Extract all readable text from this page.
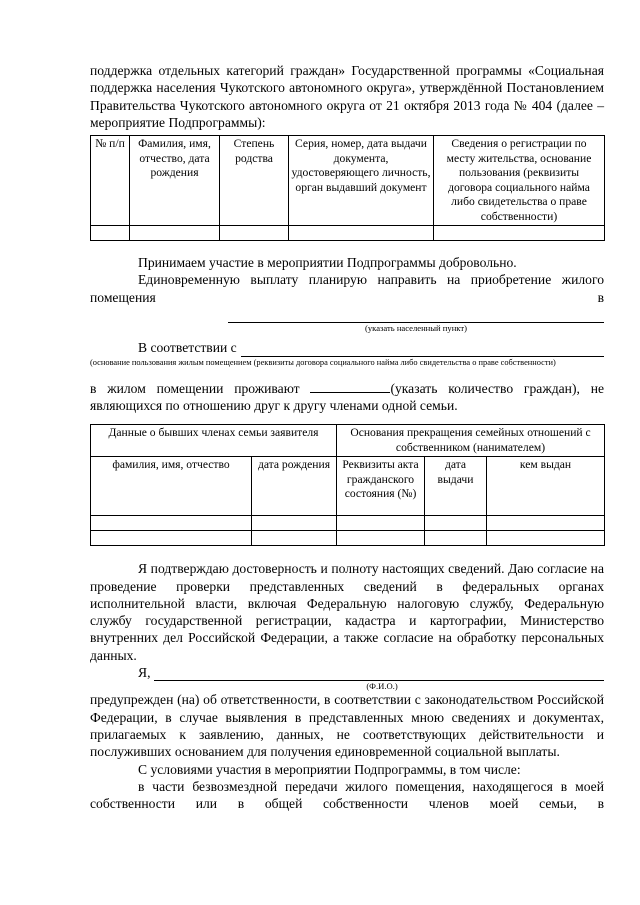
поддержка отдельных категорий граждан» Государственной программы «Социальная поддержка населения Чукотского автономного округа», утверждённой Постановлением Правительства Чукотского автономного округа от 21 октября 2013 года № 404 (далее – мероприятие Подпрограммы):

№ п/п	Фамилия, имя, отчество, дата рождения	Степень родства	Серия, номер, дата выдачи документа, удостоверяющего личность, орган выдавший документ	Сведения о регистрации по месту жительства, основание пользования (реквизиты договора социального найма либо свидетельства о праве собственности)

Принимаем участие в мероприятии Подпрограммы добровольно.

Единовременную выплату планирую направить на приобретение жилого помещения в

(указать населенный пункт)
В соответствии с
(основание пользования жилым помещением (реквизиты договора социального найма либо свидетельства о праве собственности)

в жилом помещении проживают	(указать количество граждан), не являющихся по отношению друг к другу членами одной семьи.

Данные о бывших членах семьи заявителя		Основания прекращения семейных отношений с собственником (нанимателем)		
фамилия, имя, отчество	дата рождения	Реквизиты акта гражданского состояния (№)	дата выдачи	кем выдан

Я подтверждаю достоверность и полноту настоящих сведений. Даю согласие на проведение проверки представленных сведений в федеральных органах исполнительной власти, включая Федеральную налоговую службу, Федеральную службу государственной регистрации, кадастра и картографии, Министерство внутренних дел Российской Федерации, а также согласие на обработку персональных данных.

Я,
(Ф.И.О.)

предупрежден (на) об ответственности, в соответствии с законодательством Российской Федерации, в случае выявления в представленных мною сведениях и документах, прилагаемых к заявлению, данных, не соответствующих действительности и послуживших основанием для получения единовременной социальной выплаты.

С условиями участия в мероприятии Подпрограммы, в том числе:

в части безвозмездной передачи жилого помещения, находящегося в моей собственности или в общей собственности членов моей семьи, в
